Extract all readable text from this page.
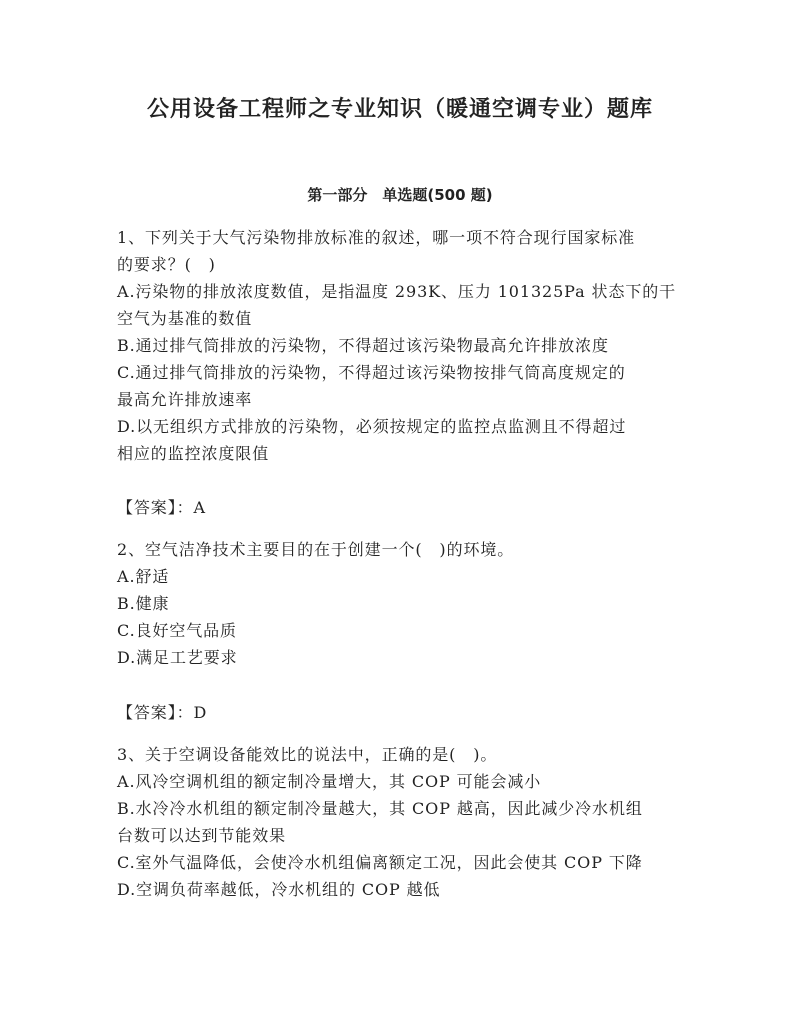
公用设备工程师之专业知识（暖通空调专业）题库
第一部分　单选题(500 题)
1、下列关于大气污染物排放标准的叙述，哪一项不符合现行国家标准
的要求？(　)
A.污染物的排放浓度数值，是指温度 293K、压力 101325Pa 状态下的干
空气为基准的数值
B.通过排气筒排放的污染物，不得超过该污染物最高允许排放浓度
C.通过排气筒排放的污染物，不得超过该污染物按排气筒高度规定的
最高允许排放速率
D.以无组织方式排放的污染物，必须按规定的监控点监测且不得超过
相应的监控浓度限值
【答案】：A
2、空气洁净技术主要目的在于创建一个(　)的环境。
A.舒适
B.健康
C.良好空气品质
D.满足工艺要求
【答案】：D
3、关于空调设备能效比的说法中，正确的是(　)。
A.风冷空调机组的额定制冷量增大，其 COP 可能会减小
B.水冷冷水机组的额定制冷量越大，其 COP 越高，因此减少冷水机组
台数可以达到节能效果
C.室外气温降低，会使冷水机组偏离额定工况，因此会使其 COP 下降
D.空调负荷率越低，冷水机组的 COP 越低
